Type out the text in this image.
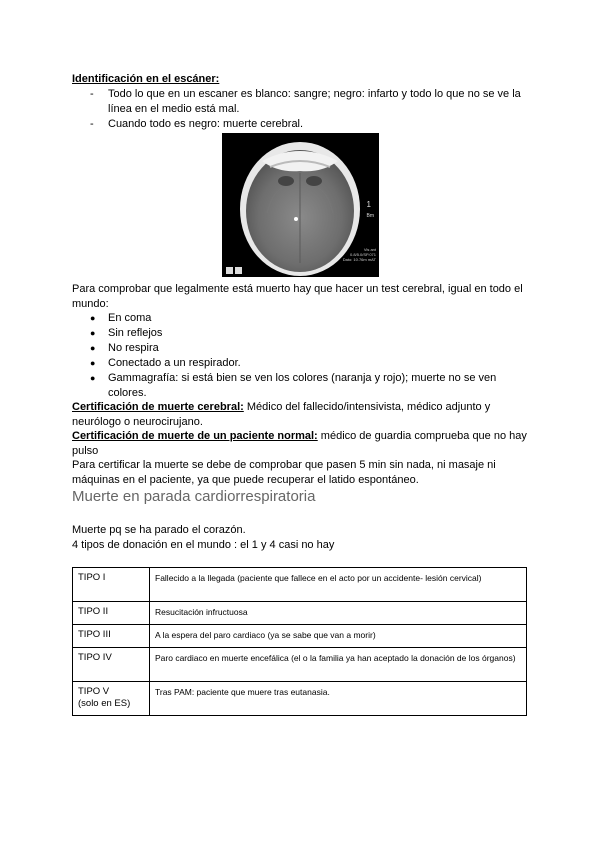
Identificación en el escáner:
- Todo lo que en un escaner es blanco: sangre; negro: infarto y todo lo que no se ve la línea en el medio está mal.
- Cuando todo es negro: muerte cerebral.
1
Bm
Vis ant
0.8/5.0/SP.071
Dato: 10.76m mAT
Para comprobar que legalmente está muerto hay que hacer un test cerebral, igual en todo el mundo:
● En coma
● Sin reflejos
● No respira
● Conectado a un respirador.
● Gammagrafía: si está bien se ven los colores (naranja y rojo); muerte no se ven colores.
Certificación de muerte cerebral: Médico del fallecido/intensivista, médico adjunto y neurólogo o neurocirujano.
Certificación de muerte de un paciente normal: médico de guardia comprueba que no hay pulso
Para certificar la muerte se debe de comprobar que pasen 5 min sin nada, ni masaje ni máquinas en el paciente, ya que puede recuperar el latido espontáneo.
Muerte en parada cardiorrespiratoria
Muerte pq se ha parado el corazón.
4 tipos de donación en el mundo : el 1 y 4 casi no hay
TIPO I	Fallecido a la llegada (paciente que fallece en el acto por un accidente- lesión cervical)
TIPO II	Resucitación infructuosa
TIPO III	A la espera del paro cardiaco (ya se sabe que van a morir)
TIPO IV	Paro cardiaco en muerte encefálica (el o la familia ya han aceptado la donación de los órganos)

TIPO V
(solo en ES)	Tras PAM: paciente que muere tras eutanasia.
